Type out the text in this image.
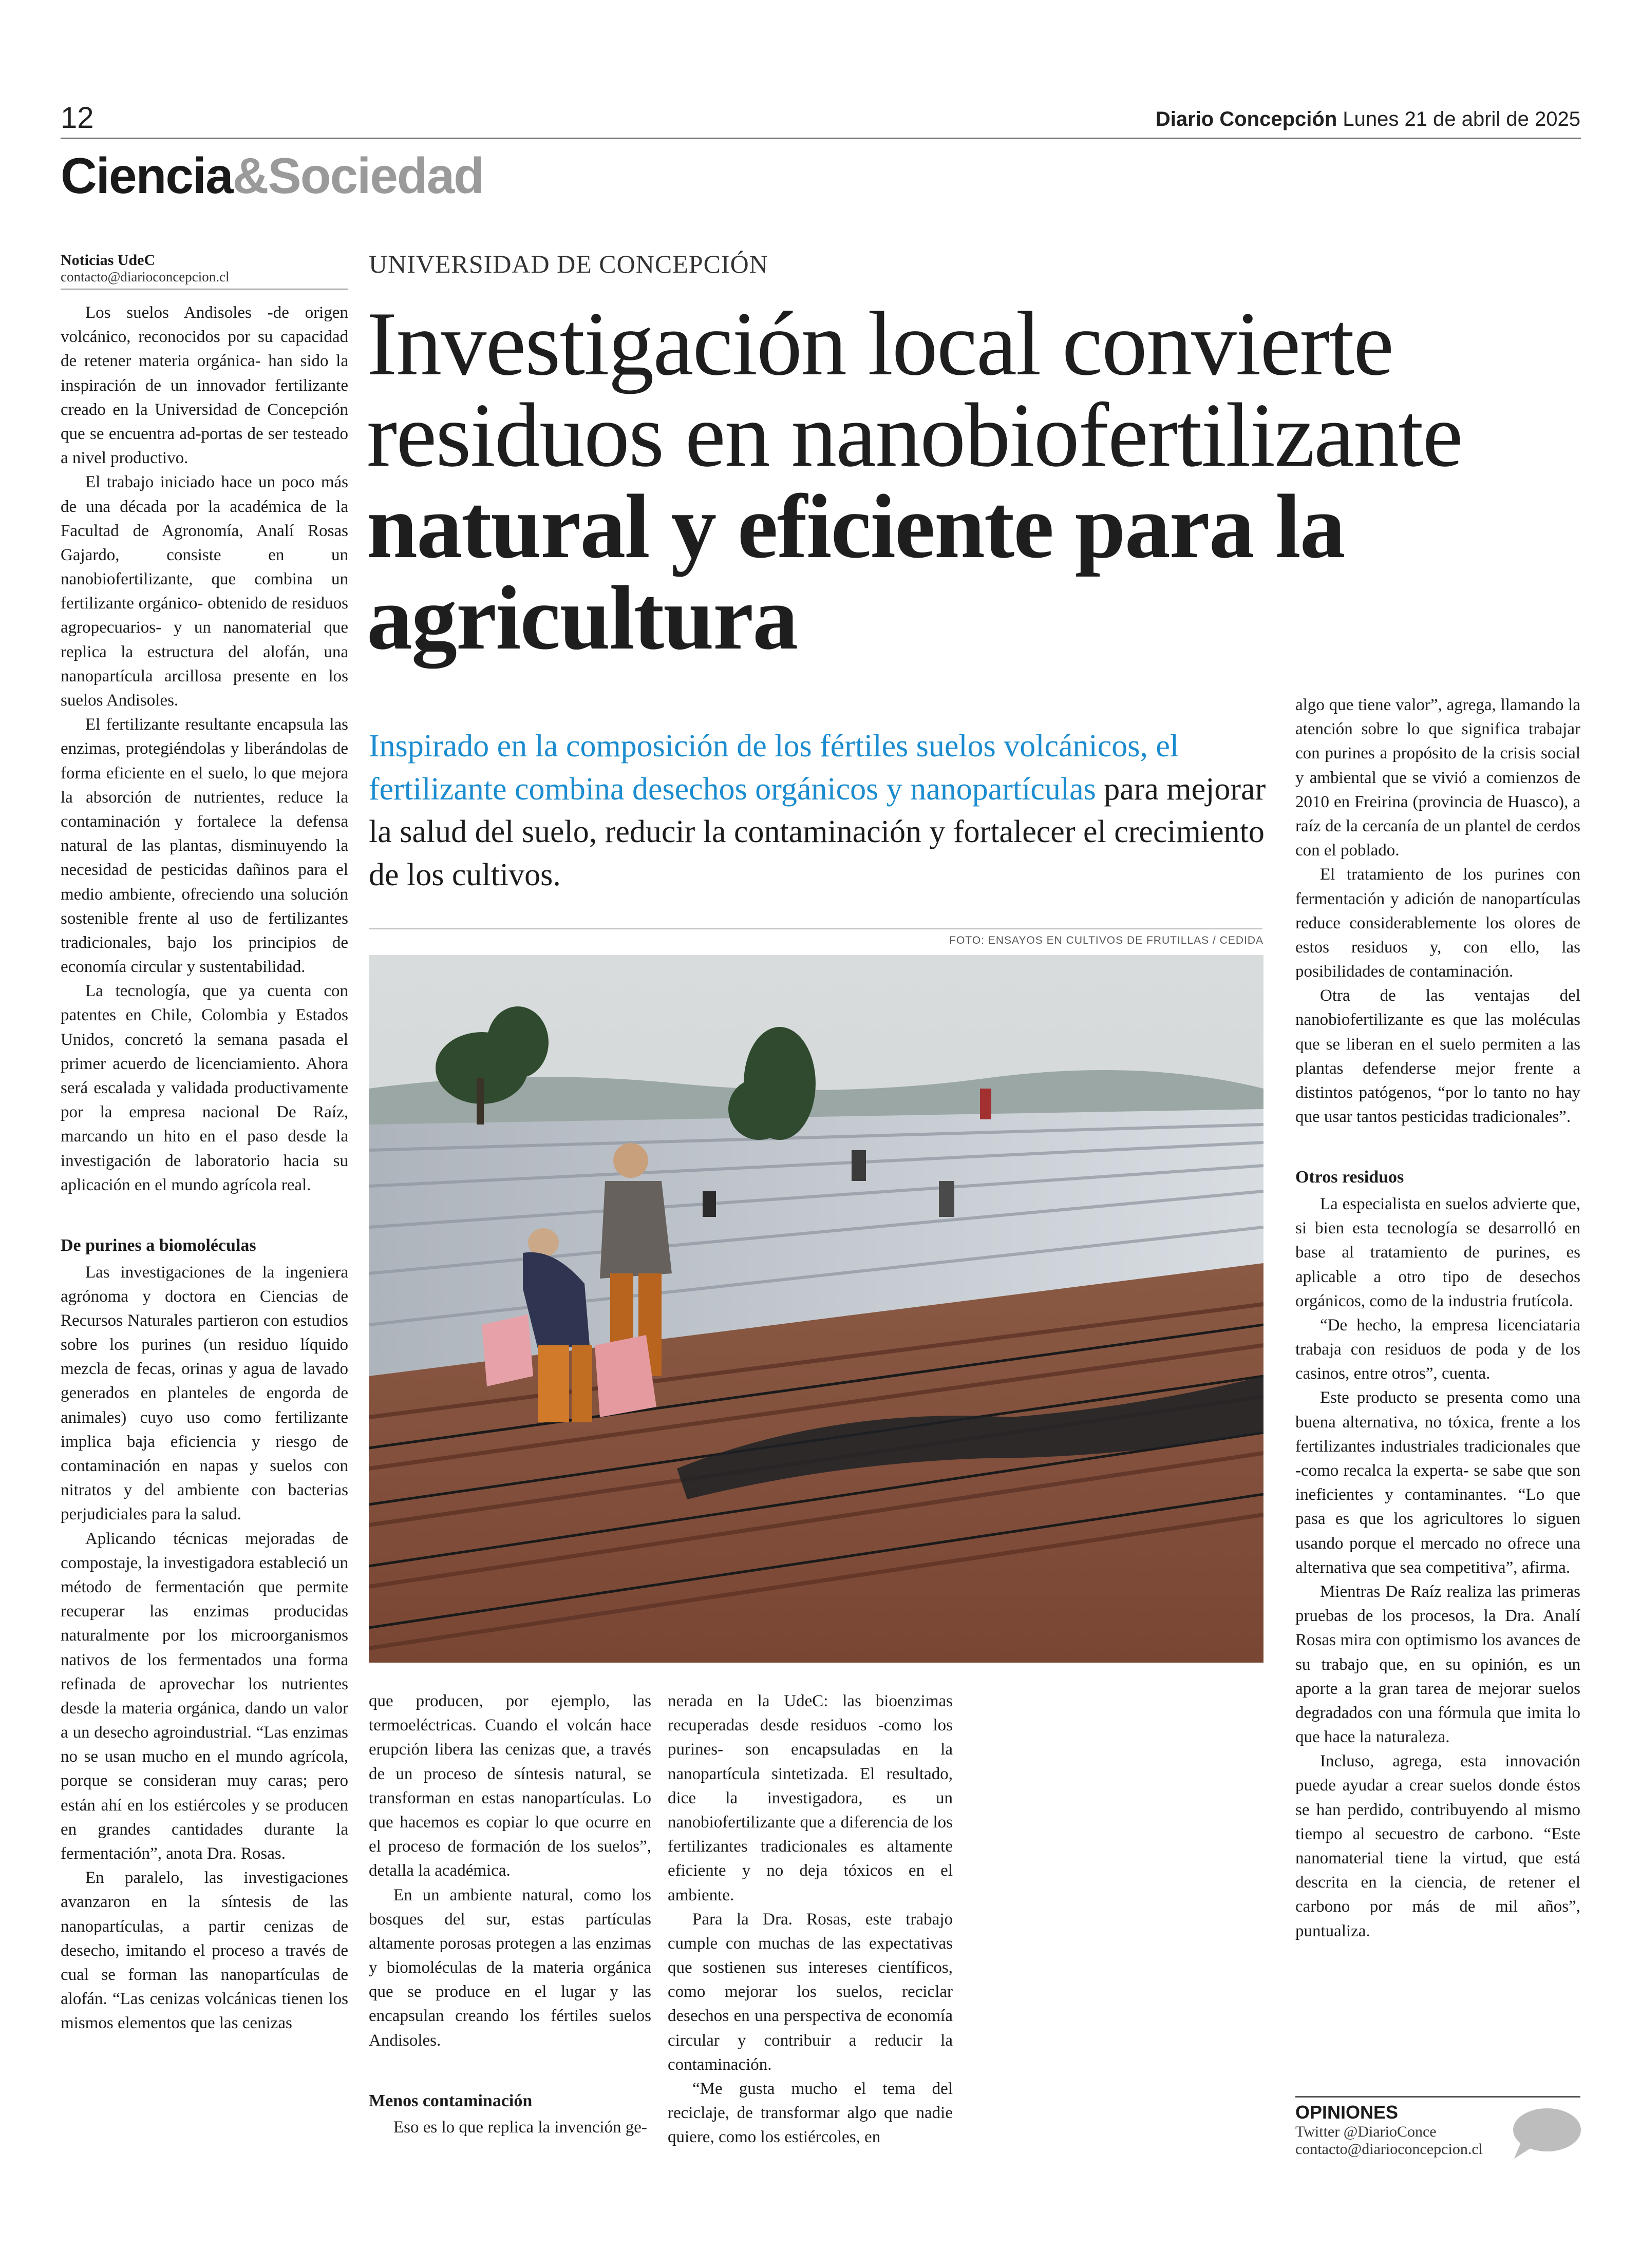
12	Diario Concepción Lunes 21 de abril de 2025
Ciencia&Sociedad
Noticias UdeC
contacto@diarioconcepcion.cl	UNIVERSIDAD DE CONCEPCIÓN
Investigación local convierte
residuos en nanobiofertilizante
natural y eficiente para la
agricultura
Inspirado en la composición de los fértiles suelos volcánicos, el fertilizante combina desechos orgánicos y nanopartículas para mejorar la salud del suelo, reducir la contaminación y fortalecer el crecimiento de los cultivos.
FOTO: ENSAYOS EN CULTIVOS DE FRUTILLAS / CEDIDA

Los suelos Andisoles -de origen volcánico, reconocidos por su capacidad de retener materia orgánica- han sido la inspiración de un innovador fertilizante creado en la Universidad de Concepción que se encuentra ad-portas de ser testeado a nivel productivo.

El trabajo iniciado hace un poco más de una década por la académica de la Facultad de Agronomía, Analí Rosas Gajardo, consiste en un nanobiofertilizante, que combina un fertilizante orgánico- obtenido de residuos agropecuarios- y un nanomaterial que replica la estructura del alofán, una nanopartícula arcillosa presente en los suelos Andisoles.

El fertilizante resultante encapsula las enzimas, protegiéndolas y liberándolas de forma eficiente en el suelo, lo que mejora la absorción de nutrientes, reduce la contaminación y fortalece la defensa natural de las plantas, disminuyendo la necesidad de pesticidas dañinos para el medio ambiente, ofreciendo una solución sostenible frente al uso de fertilizantes tradicionales, bajo los principios de economía circular y sustentabilidad.

La tecnología, que ya cuenta con patentes en Chile, Colombia y Estados Unidos, concretó la semana pasada el primer acuerdo de licenciamiento. Ahora será escalada y validada productivamente por la empresa nacional De Raíz, marcando un hito en el paso desde la investigación de laboratorio hacia su aplicación en el mundo agrícola real.

De purines a biomoléculas

Las investigaciones de la ingeniera agrónoma y doctora en Ciencias de Recursos Naturales partieron con estudios sobre los purines (un residuo líquido mezcla de fecas, orinas y agua de lavado generados en planteles de engorda de animales) cuyo uso como fertilizante implica baja eficiencia y riesgo de contaminación en napas y suelos con nitratos y del ambiente con bacterias perjudiciales para la salud.

Aplicando técnicas mejoradas de compostaje, la investigadora estableció un método de fermentación que permite recuperar las enzimas producidas naturalmente por los microorganismos nativos de los fermentados una forma refinada de aprovechar los nutrientes desde la materia orgánica, dando un valor a un desecho agroindustrial. “Las enzimas no se usan mucho en el mundo agrícola, porque se consideran muy caras; pero están ahí en los estiércoles y se producen en grandes cantidades durante la fermentación”, anota Dra. Rosas.

En paralelo, las investigaciones avanzaron en la síntesis de las nanopartículas, a partir cenizas de desecho, imitando el proceso a través de cual se forman las nanopartículas de alofán. “Las cenizas volcánicas tienen los mismos elementos que las cenizas

que producen, por ejemplo, las termoeléctricas. Cuando el volcán hace erupción libera las cenizas que, a través de un proceso de síntesis natural, se transforman en estas nanopartículas. Lo que hacemos es copiar lo que ocurre en el proceso de formación de los suelos”, detalla la académica.

En un ambiente natural, como los bosques del sur, estas partículas altamente porosas protegen a las enzimas y biomoléculas de la materia orgánica que se produce en el lugar y las encapsulan creando los fértiles suelos Andisoles.

Menos contaminación

Eso es lo que replica la invención ge-

nerada en la UdeC: las bioenzimas recuperadas desde residuos -como los purines- son encapsuladas en la nanopartícula sintetizada. El resultado, dice la investigadora, es un nanobiofertilizante que a diferencia de los fertilizantes tradicionales es altamente eficiente y no deja tóxicos en el ambiente.

Para la Dra. Rosas, este trabajo cumple con muchas de las expectativas que sostienen sus intereses científicos, como mejorar los suelos, reciclar desechos en una perspectiva de economía circular y contribuir a reducir la contaminación.

“Me gusta mucho el tema del reciclaje, de transformar algo que nadie quiere, como los estiércoles, en

algo que tiene valor”, agrega, llamando la atención sobre lo que significa trabajar con purines a propósito de la crisis social y ambiental que se vivió a comienzos de 2010 en Freirina (provincia de Huasco), a raíz de la cercanía de un plantel de cerdos con el poblado.

El tratamiento de los purines con fermentación y adición de nanopartículas reduce considerablemente los olores de estos residuos y, con ello, las posibilidades de contaminación.

Otra de las ventajas del nanobiofertilizante es que las moléculas que se liberan en el suelo permiten a las plantas defenderse mejor frente a distintos patógenos, “por lo tanto no hay que usar tantos pesticidas tradicionales”.

Otros residuos

La especialista en suelos advierte que, si bien esta tecnología se desarrolló en base al tratamiento de purines, es aplicable a otro tipo de desechos orgánicos, como de la industria frutícola.

“De hecho, la empresa licenciataria trabaja con residuos de poda y de los casinos, entre otros”, cuenta.

Este producto se presenta como una buena alternativa, no tóxica, frente a los fertilizantes industriales tradicionales que -como recalca la experta- se sabe que son ineficientes y contaminantes. “Lo que pasa es que los agricultores lo siguen usando porque el mercado no ofrece una alternativa que sea competitiva”, afirma.

Mientras De Raíz realiza las primeras pruebas de los procesos, la Dra. Analí Rosas mira con optimismo los avances de su trabajo que, en su opinión, es un aporte a la gran tarea de mejorar suelos degradados con una fórmula que imita lo que hace la naturaleza.

Incluso, agrega, esta innovación puede ayudar a crear suelos donde éstos se han perdido, contribuyendo al mismo tiempo al secuestro de carbono. “Este nanomaterial tiene la virtud, que está descrita en la ciencia, de retener el carbono por más de mil años”, puntualiza.

OPINIONES
Twitter @DiarioConce
contacto@diarioconcepcion.cl
